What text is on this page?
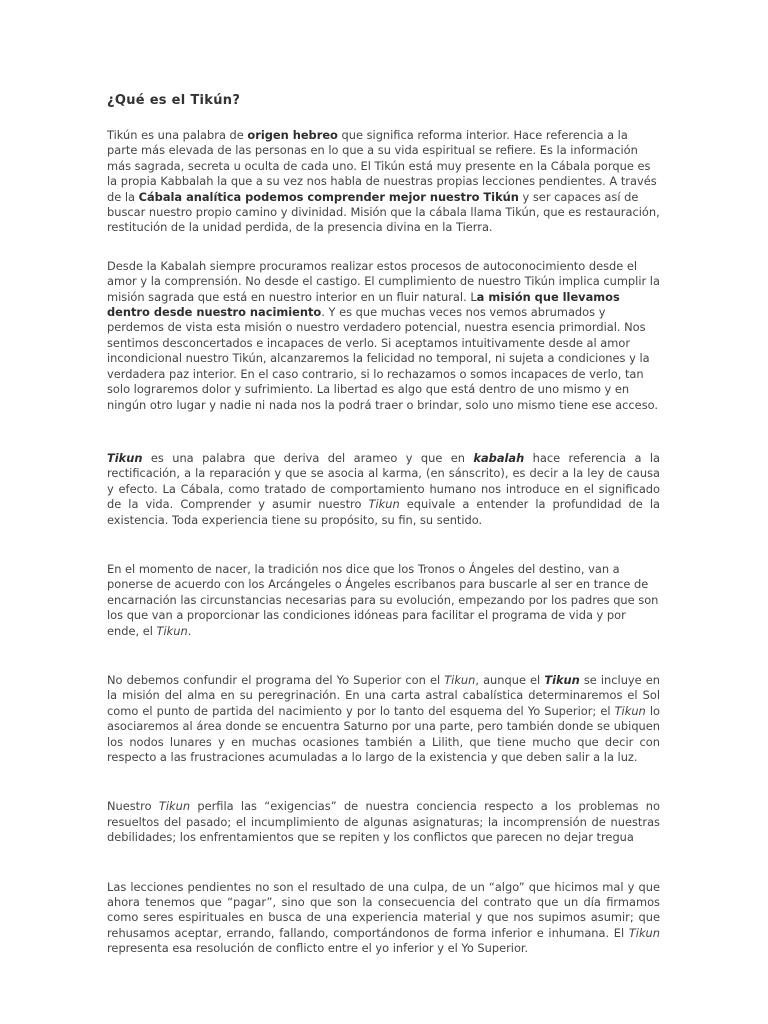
¿Qué es el Tikún?

Tikún es una palabra de origen hebreo que significa reforma interior. Hace referencia a la parte más elevada de las personas en lo que a su vida espiritual se refiere. Es la información más sagrada, secreta u oculta de cada uno. El Tikún está muy presente en la Cábala porque es la propia Kabbalah la que a su vez nos habla de nuestras propias lecciones pendientes. A través de la Cábala analítica podemos comprender mejor nuestro Tikún y ser capaces así de buscar nuestro propio camino y divinidad. Misión que la cábala llama Tikún, que es restauración, restitución de la unidad perdida, de la presencia divina en la Tierra.

Desde la Kabalah siempre procuramos realizar estos procesos de autoconocimiento desde el amor y la comprensión. No desde el castigo. El cumplimiento de nuestro Tikún implica cumplir la misión sagrada que está en nuestro interior en un fluir natural. La misión que llevamos dentro desde nuestro nacimiento. Y es que muchas veces nos vemos abrumados y perdemos de vista esta misión o nuestro verdadero potencial, nuestra esencia primordial. Nos sentimos desconcertados e incapaces de verlo. Si aceptamos intuitivamente desde al amor incondicional nuestro Tikún, alcanzaremos la felicidad no temporal, ni sujeta a condiciones y la verdadera paz interior. En el caso contrario, si lo rechazamos o somos incapaces de verlo, tan solo lograremos dolor y sufrimiento. La libertad es algo que está dentro de uno mismo y en ningún otro lugar y nadie ni nada nos la podrá traer o brindar, solo uno mismo tiene ese acceso.

Tikun es una palabra que deriva del arameo y que en kabalah hace referencia a la rectificación, a la reparación y que se asocia al karma, (en sánscrito), es decir a la ley de causa y efecto. La Cábala, como tratado de comportamiento humano nos introduce en el significado de la vida. Comprender y asumir nuestro Tikun equivale a entender la profundidad de la existencia. Toda experiencia tiene su propósito, su fin, su sentido.

En el momento de nacer, la tradición nos dice que los Tronos o Ángeles del destino, van a ponerse de acuerdo con los Arcángeles o Ángeles escribanos para buscarle al ser en trance de encarnación las circunstancias necesarias para su evolución, empezando por los padres que son los que van a proporcionar las condiciones idóneas para facilitar el programa de vida y por ende, el Tikun.

No debemos confundir el programa del Yo Superior con el Tikun, aunque el Tikun se incluye en la misión del alma en su peregrinación. En una carta astral cabalística determinaremos el Sol como el punto de partida del nacimiento y por lo tanto del esquema del Yo Superior; el Tikun lo asociaremos al área donde se encuentra Saturno por una parte, pero también donde se ubiquen los nodos lunares y en muchas ocasiones también a Lilith, que tiene mucho que decir con respecto a las frustraciones acumuladas a lo largo de la existencia y que deben salir a la luz.

Nuestro Tikun perfila las “exigencias” de nuestra conciencia respecto a los problemas no resueltos del pasado; el incumplimiento de algunas asignaturas; la incomprensión de nuestras debilidades; los enfrentamientos que se repiten y los conflictos que parecen no dejar tregua

Las lecciones pendientes no son el resultado de una culpa, de un “algo” que hicimos mal y que ahora tenemos que “pagar”, sino que son la consecuencia del contrato que un día firmamos como seres espirituales en busca de una experiencia material y que nos supimos asumir; que rehusamos aceptar, errando, fallando, comportándonos de forma inferior e inhumana. El Tikun representa esa resolución de conflicto entre el yo inferior y el Yo Superior.
